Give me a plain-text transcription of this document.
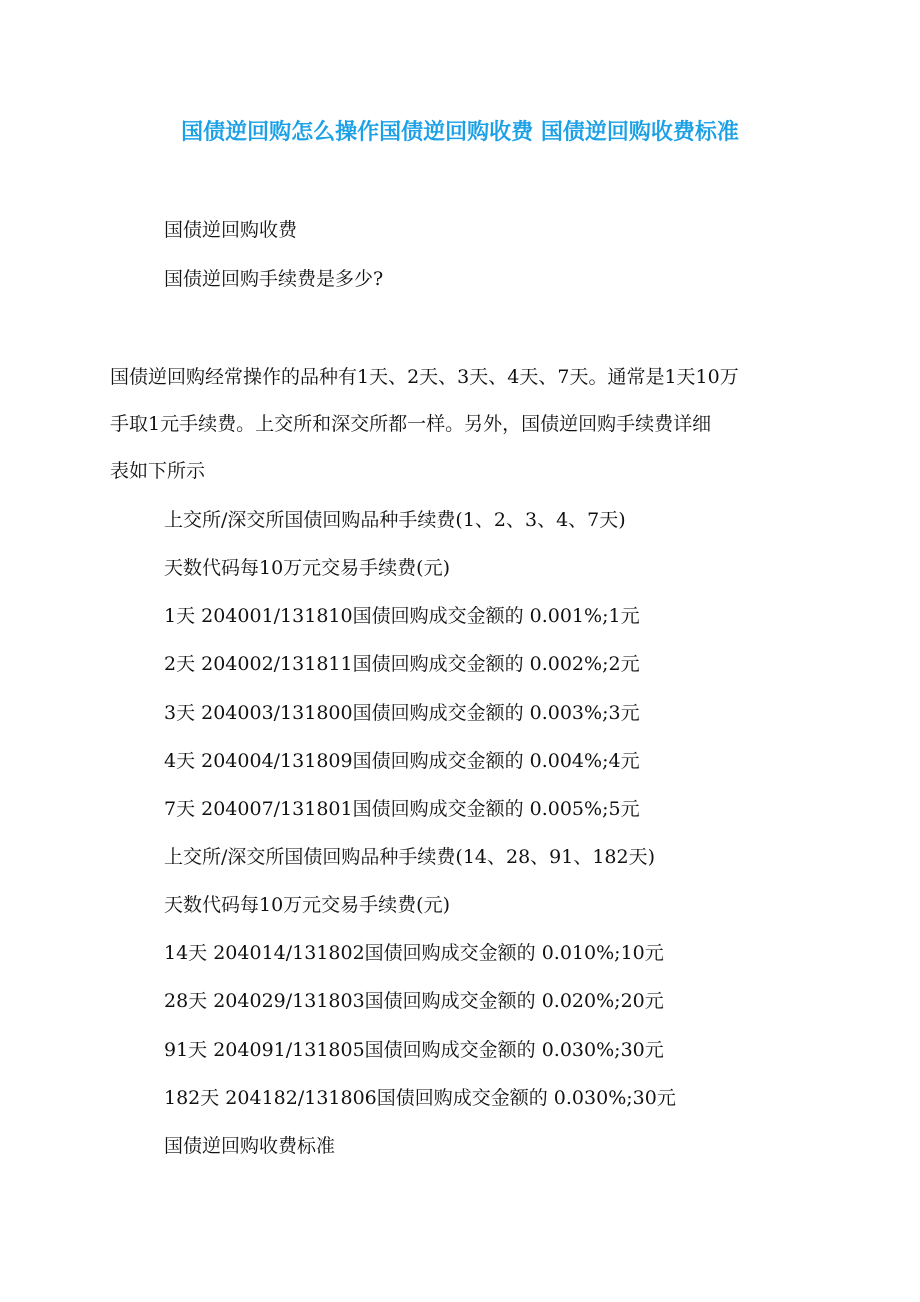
国债逆回购怎么操作国债逆回购收费 国债逆回购收费标准

国债逆回购收费

国债逆回购手续费是多少?

国债逆回购经常操作的品种有1天、2天、3天、4天、7天。通常是1天10万

手取1元手续费。上交所和深交所都一样。另外，国债逆回购手续费详细

表如下所示

上交所/深交所国债回购品种手续费(1、2、3、4、7天)

天数代码每10万元交易手续费(元)

1天 204001/131810国债回购成交金额的 0.001%;1元

2天 204002/131811国债回购成交金额的 0.002%;2元

3天 204003/131800国债回购成交金额的 0.003%;3元

4天 204004/131809国债回购成交金额的 0.004%;4元

7天 204007/131801国债回购成交金额的 0.005%;5元

上交所/深交所国债回购品种手续费(14、28、91、182天)

天数代码每10万元交易手续费(元)

14天 204014/131802国债回购成交金额的 0.010%;10元

28天 204029/131803国债回购成交金额的 0.020%;20元

91天 204091/131805国债回购成交金额的 0.030%;30元

182天 204182/131806国债回购成交金额的 0.030%;30元

国债逆回购收费标准
